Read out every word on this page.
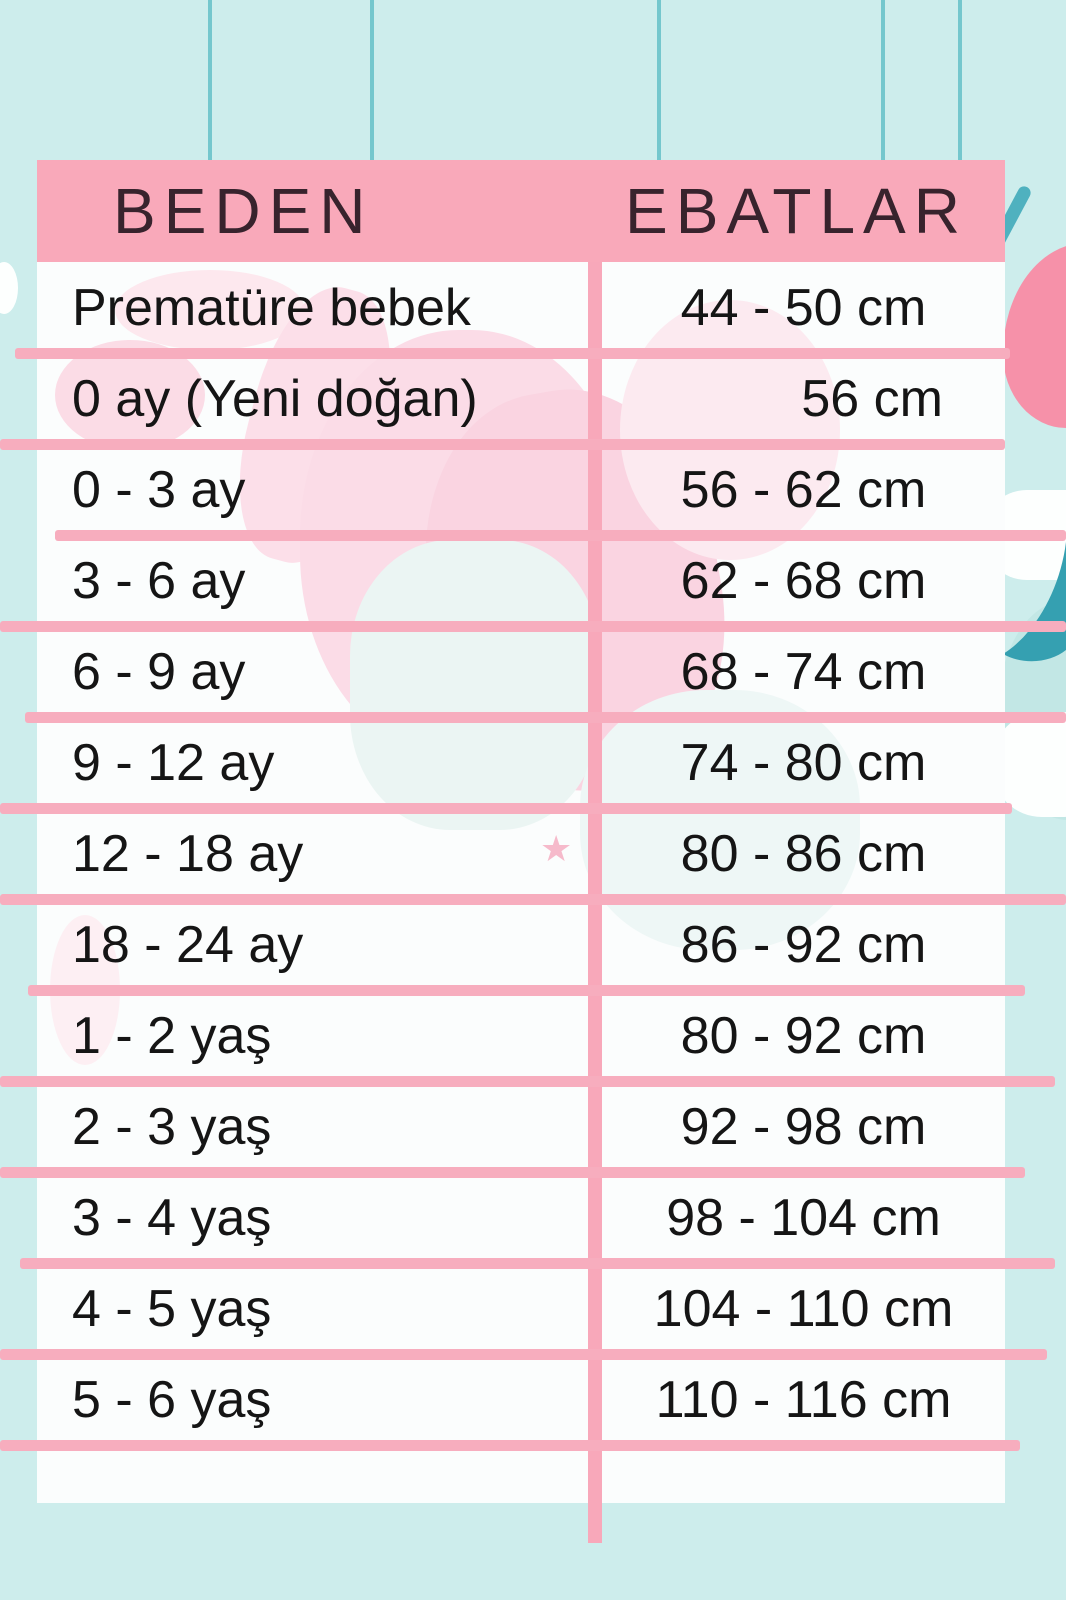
BEDEN	EBATLAR
★
Prematüre bebek	44 - 50 cm
0 ay (Yeni doğan)	56 cm
0 - 3 ay	56 - 62 cm
3 - 6 ay	62 - 68 cm
6 - 9 ay	68 - 74 cm
9 - 12 ay	74 - 80 cm
12 - 18 ay	80 - 86 cm
18 - 24 ay	86 - 92 cm
1 - 2 yaş	80 - 92 cm
2 - 3 yaş	92 - 98 cm
3 - 4 yaş	98 - 104 cm
4 - 5 yaş	104 - 110 cm
5 - 6 yaş	110 - 116 cm
